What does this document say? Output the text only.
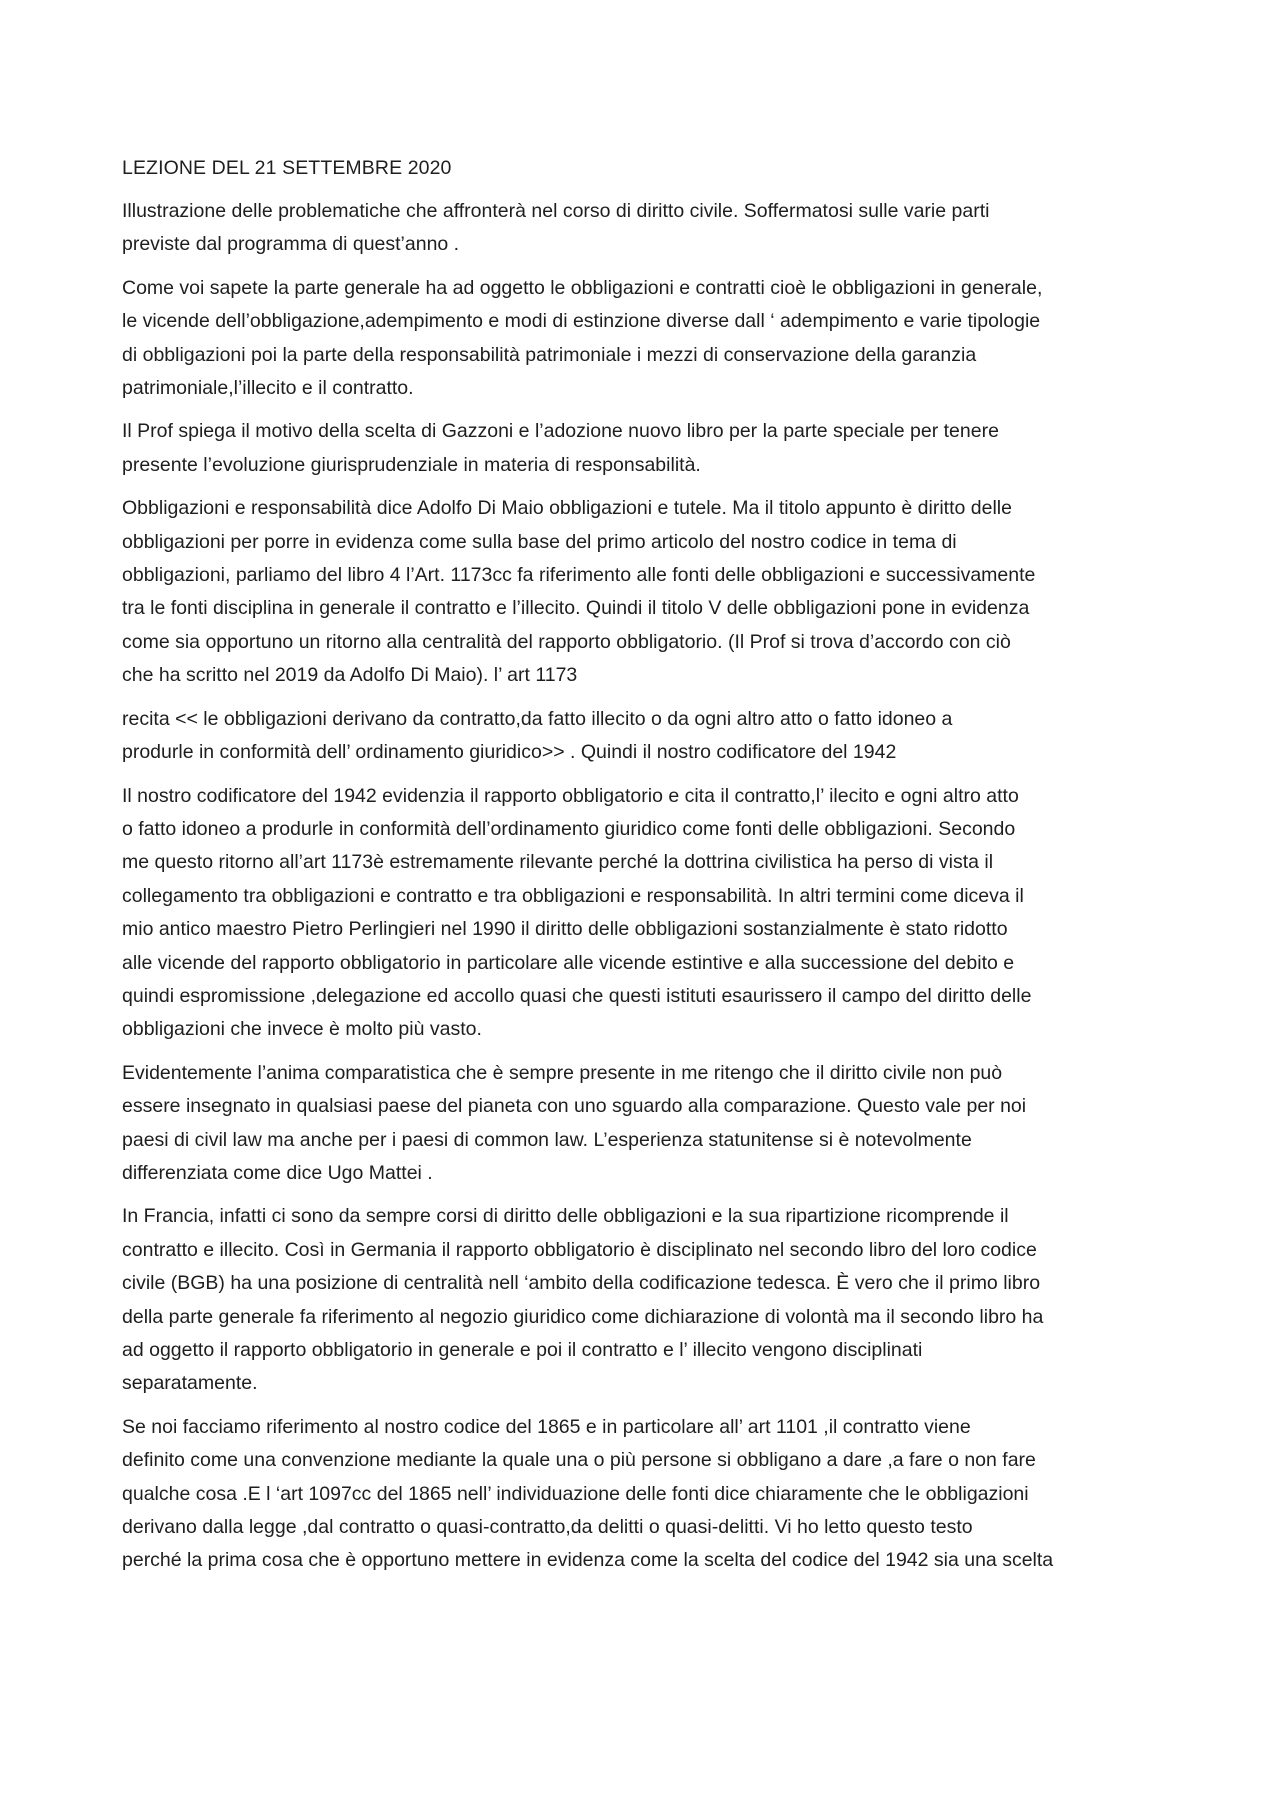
LEZIONE DEL 21 SETTEMBRE 2020
Illustrazione delle problematiche che affronterà nel corso di diritto civile. Soffermatosi sulle varie parti
previste dal programma di quest’anno .
Come voi sapete la parte generale ha ad oggetto le obbligazioni e contratti cioè le obbligazioni in generale,
le vicende dell’obbligazione,adempimento e modi di estinzione diverse dall ‘ adempimento e varie tipologie
di obbligazioni poi la parte della responsabilità patrimoniale i mezzi di conservazione della garanzia
patrimoniale,l’illecito e il contratto.
Il Prof spiega il motivo della scelta di Gazzoni e l’adozione nuovo libro per la parte speciale per tenere
presente l’evoluzione giurisprudenziale in materia di responsabilità.
Obbligazioni e responsabilità dice Adolfo Di Maio obbligazioni e tutele. Ma il titolo appunto è diritto delle
obbligazioni per porre in evidenza come sulla base del primo articolo del nostro codice in tema di
obbligazioni, parliamo del libro 4 l’Art. 1173cc fa riferimento alle fonti delle obbligazioni e successivamente
tra le fonti disciplina in generale il contratto e l’illecito. Quindi il titolo V delle obbligazioni pone in evidenza
come sia opportuno un ritorno alla centralità del rapporto obbligatorio. (Il Prof si trova d’accordo con ciò
che ha scritto nel 2019 da Adolfo Di Maio). l’ art 1173
recita << le obbligazioni derivano da contratto,da fatto illecito o da ogni altro atto o fatto idoneo a
produrle in conformità dell’ ordinamento giuridico>> . Quindi il nostro codificatore del 1942
Il nostro codificatore del 1942 evidenzia il rapporto obbligatorio e cita il contratto,l’ ilecito e ogni altro atto
o fatto idoneo a produrle in conformità dell’ordinamento giuridico come fonti delle obbligazioni. Secondo
me questo ritorno all’art 1173è estremamente rilevante perché la dottrina civilistica ha perso di vista il
collegamento tra obbligazioni e contratto e tra obbligazioni e responsabilità. In altri termini come diceva il
mio antico maestro Pietro Perlingieri nel 1990 il diritto delle obbligazioni sostanzialmente è stato ridotto
alle vicende del rapporto obbligatorio in particolare alle vicende estintive e alla successione del debito e
quindi espromissione ,delegazione ed accollo quasi che questi istituti esaurissero il campo del diritto delle
obbligazioni che invece è molto più vasto.
Evidentemente l’anima comparatistica che è sempre presente in me ritengo che il diritto civile non può
essere insegnato in qualsiasi paese del pianeta con uno sguardo alla comparazione. Questo vale per noi
paesi di civil law ma anche per i paesi di common law. L’esperienza statunitense si è notevolmente
differenziata come dice Ugo Mattei .
In Francia, infatti ci sono da sempre corsi di diritto delle obbligazioni e la sua ripartizione ricomprende il
contratto e illecito. Così in Germania il rapporto obbligatorio è disciplinato nel secondo libro del loro codice
civile (BGB) ha una posizione di centralità nell ‘ambito della codificazione tedesca. È vero che il primo libro
della parte generale fa riferimento al negozio giuridico come dichiarazione di volontà ma il secondo libro ha
ad oggetto il rapporto obbligatorio in generale e poi il contratto e l’ illecito vengono disciplinati
separatamente.
Se noi facciamo riferimento al nostro codice del 1865 e in particolare all’ art 1101 ,il contratto viene
definito come una convenzione mediante la quale una o più persone si obbligano a dare ,a fare o non fare
qualche cosa .E l ‘art 1097cc del 1865 nell’ individuazione delle fonti dice chiaramente che le obbligazioni
derivano dalla legge ,dal contratto o quasi-contratto,da delitti o quasi-delitti. Vi ho letto questo testo
perché la prima cosa che è opportuno mettere in evidenza come la scelta del codice del 1942 sia una scelta
